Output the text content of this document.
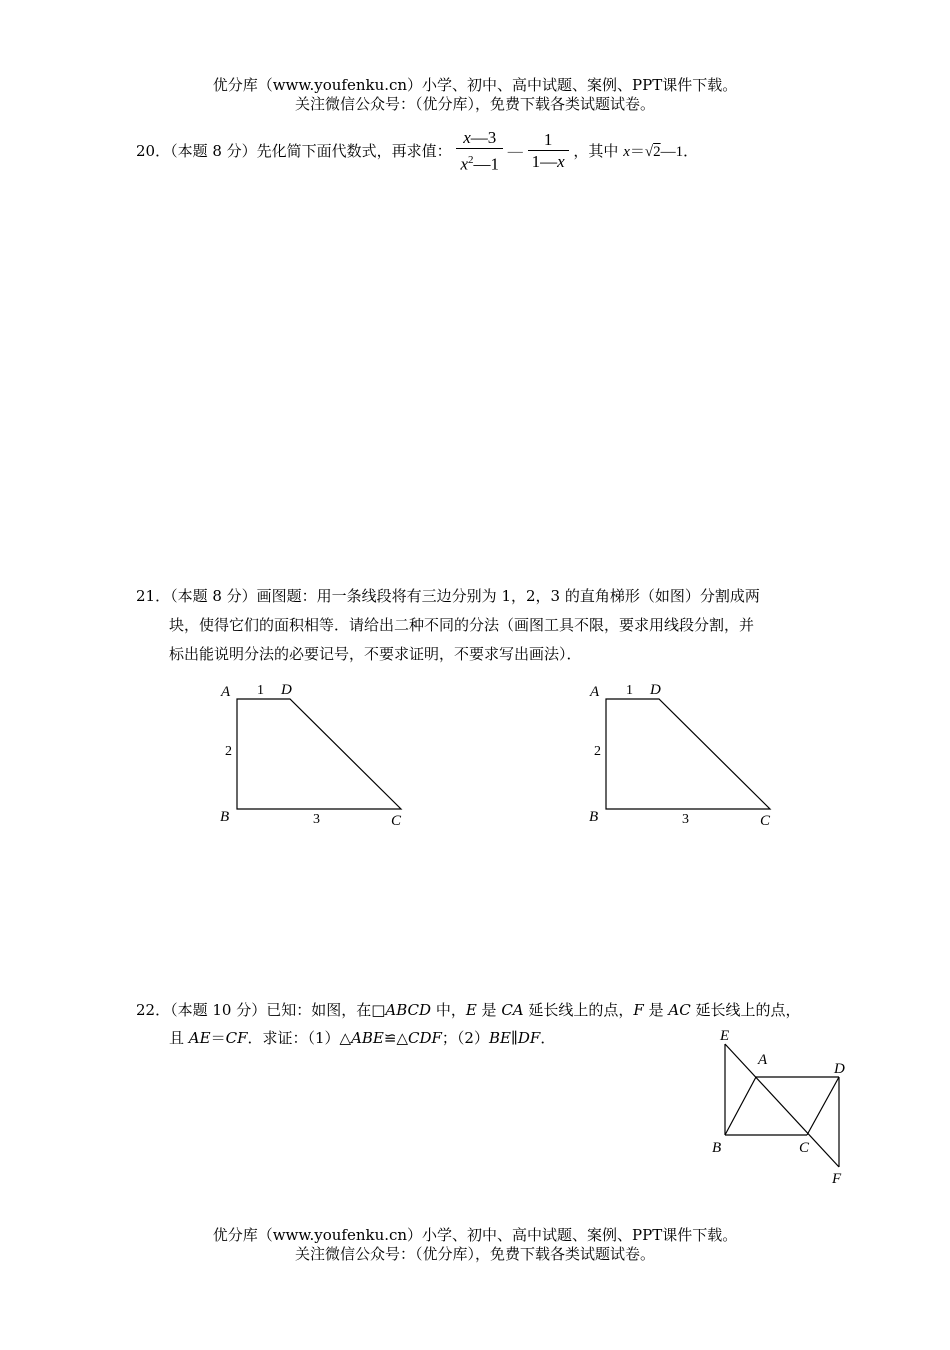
优分库（www.youfenku.cn）小学、初中、高中试题、案例、PPT课件下载。
关注微信公众号：（优分库），免费下载各类试题试卷。
20．（本题 8 分）先化简下面代数式，再求值： $\frac{x—3}{x^2—1}$ — $\frac{1}{1—x}$ ，其中 x＝√2—1．
21．（本题 8 分）画图题：用一条线段将有三边分别为 1，2，3 的直角梯形（如图）分割成两
块，使得它们的面积相等．请给出二种不同的分法（画图工具不限，要求用线段分割，并
标出能说明分法的必要记号，不要求证明，不要求写出画法）．
A 1 D
2
B	3	C
A 1 D
2
B	3	C
22．（本题 10 分）已知：如图，在□ABCD 中，E 是 CA 延长线上的点，F 是 AC 延长线上的点，
且 AE＝CF．求证：（1）△ABE≌△CDF；（2）BE∥DF．	E
A
D
B	C
F
优分库（www.youfenku.cn）小学、初中、高中试题、案例、PPT课件下载。
关注微信公众号：（优分库），免费下载各类试题试卷。
